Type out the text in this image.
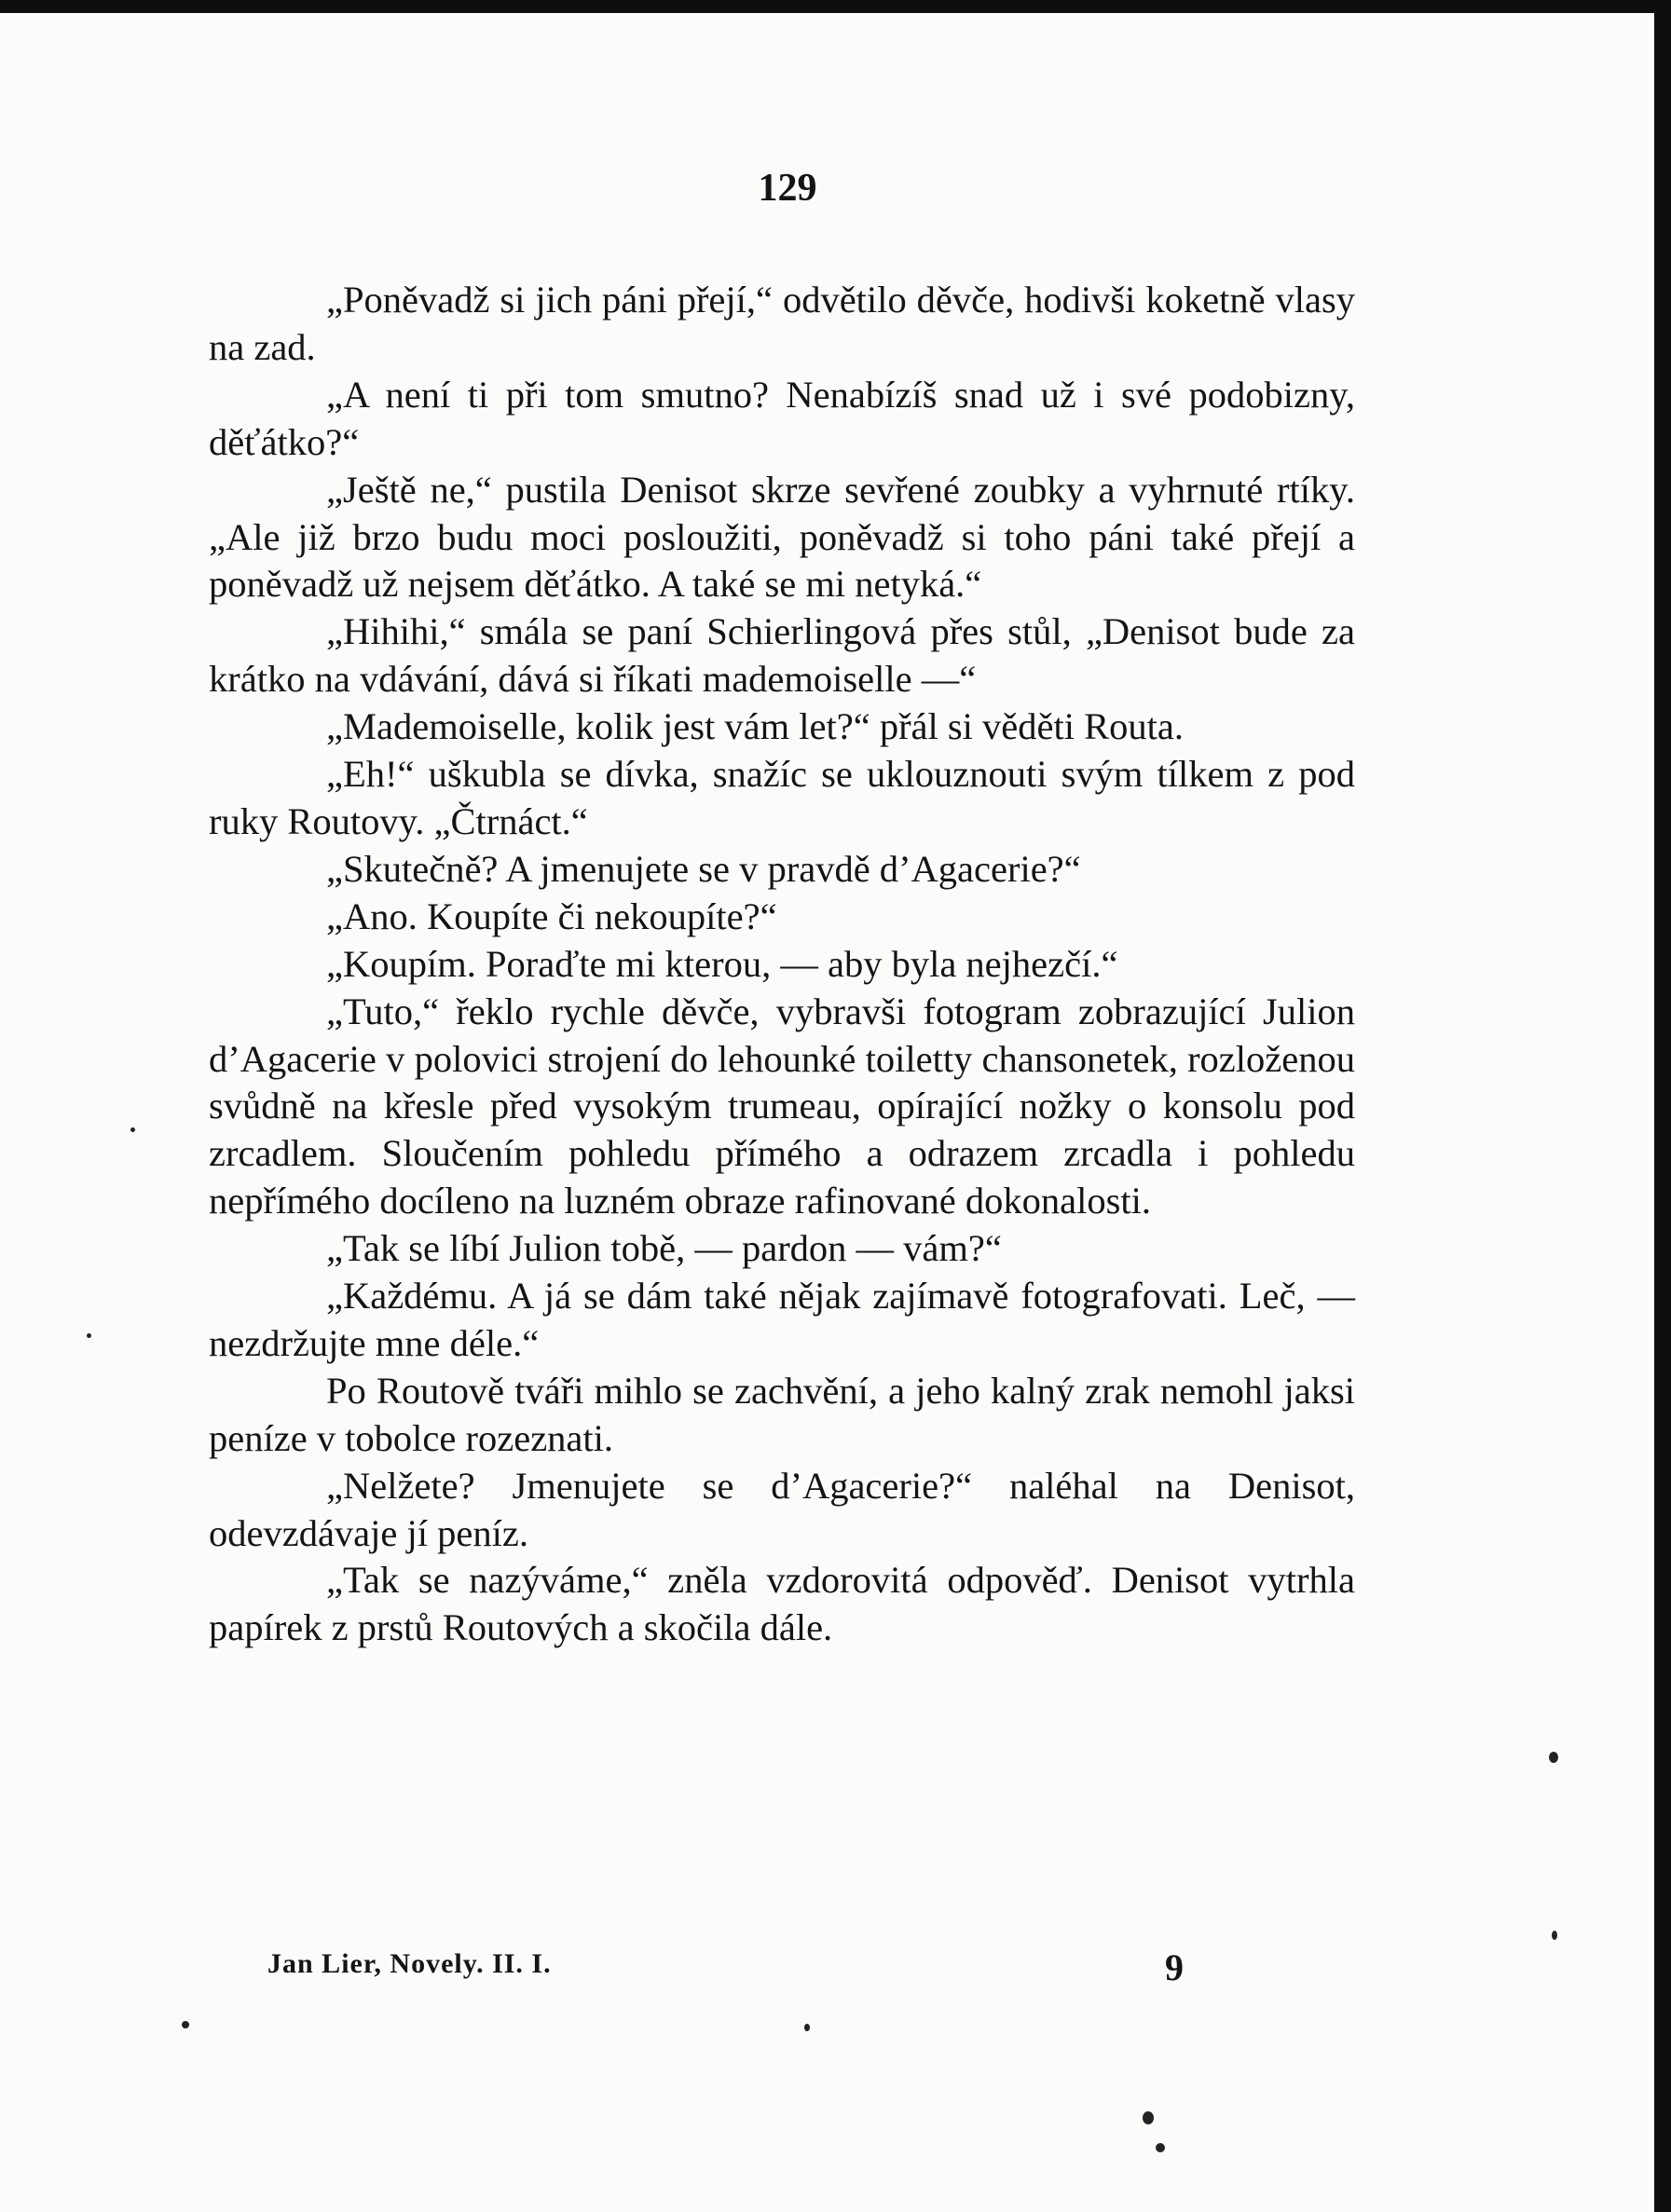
129

„Poněvadž si jich páni přejí,“ odvětilo děvče, hodivši koketně vlasy na zad.

„A není ti při tom smutno? Nenabízíš snad už i své podobizny, děťátko?“

„Ještě ne,“ pustila Denisot skrze sevřené zoubky a vyhrnuté rtíky. „Ale již brzo budu moci posloužiti, poněvadž si toho páni také přejí a poněvadž už nejsem děťátko. A také se mi netyká.“

„Hihihi,“ smála se paní Schierlingová přes stůl, „Denisot bude za krátko na vdávání, dává si říkati mademoiselle —“

„Mademoiselle, kolik jest vám let?“ přál si věděti Routa.

„Eh!“ uškubla se dívka, snažíc se uklouznouti svým tílkem z pod ruky Routovy. „Čtrnáct.“

„Skutečně? A jmenujete se v pravdě d’Agacerie?“

„Ano. Koupíte či nekoupíte?“

„Koupím. Poraďte mi kterou, — aby byla nejhezčí.“

„Tuto,“ řeklo rychle děvče, vybravši fotogram zobrazující Julion d’Agacerie v polovici strojení do lehounké toiletty chansonetek, rozloženou svůdně na křesle před vysokým trumeau, opírající nožky o konsolu pod zrcadlem. Sloučením pohledu přímého a odrazem zrcadla i pohledu nepřímého docíleno na luzném obraze rafinované dokonalosti.

„Tak se líbí Julion tobě, — pardon — vám?“

„Každému. A já se dám také nějak zajímavě fotografovati. Leč, — nezdržujte mne déle.“

Po Routově tváři mihlo se zachvění, a jeho kalný zrak nemohl jaksi peníze v tobolce rozeznati.

„Nelžete? Jmenujete se d’Agacerie?“ naléhal na Denisot, odevzdávaje jí peníz.

„Tak se nazýváme,“ zněla vzdorovitá odpověď. Denisot vytrhla papírek z prstů Routových a skočila dále.

Jan Lier, Novely. II. I.	9
